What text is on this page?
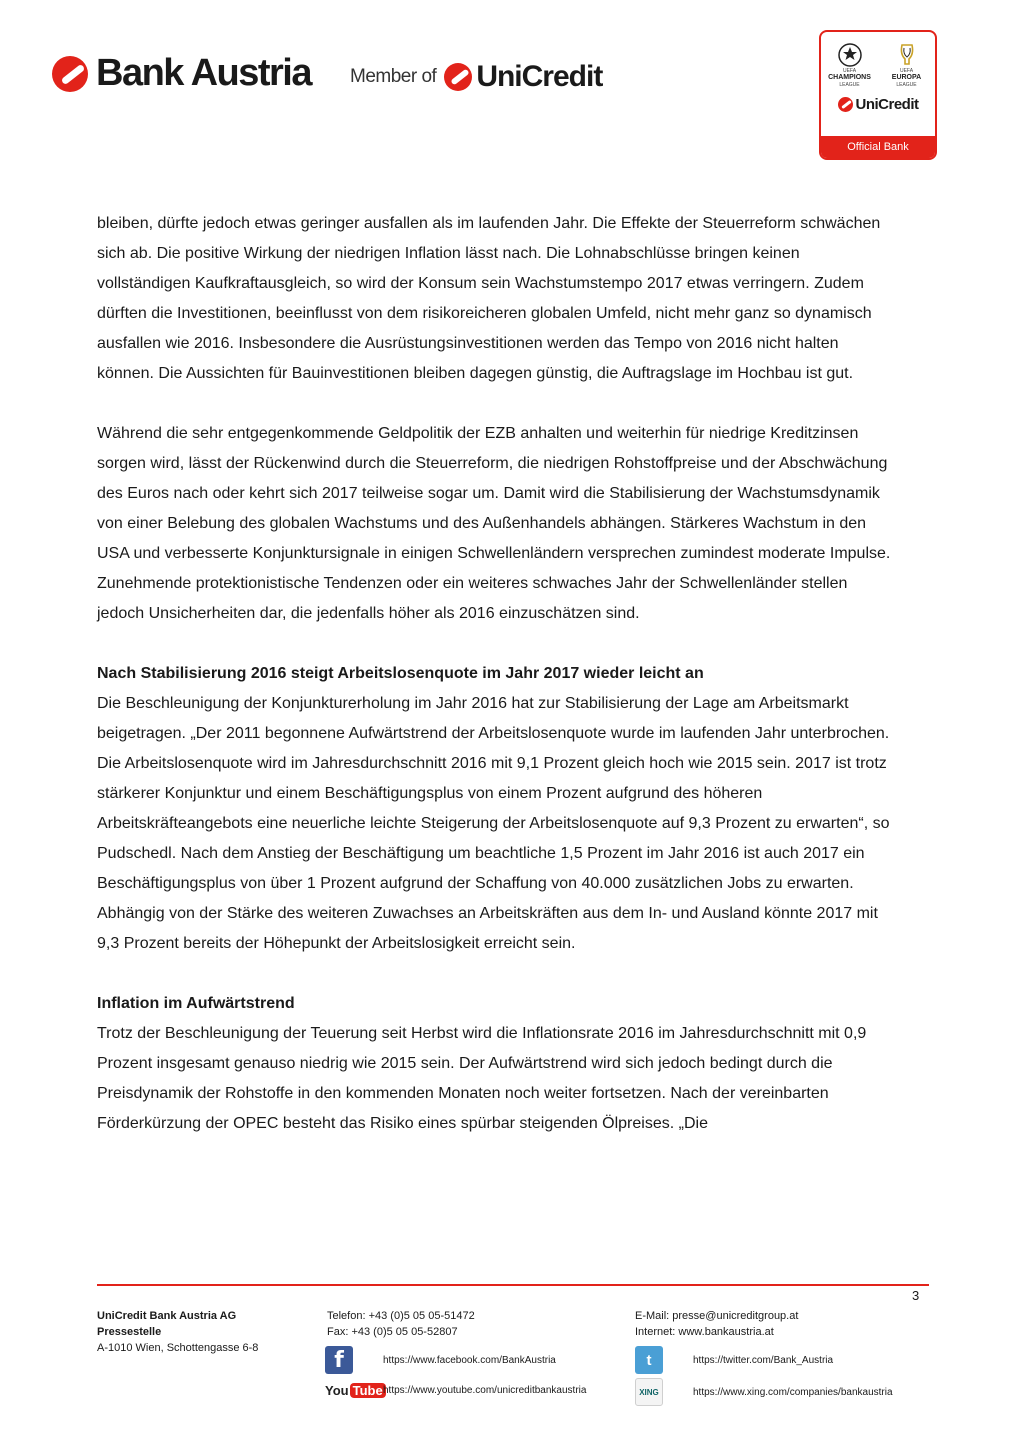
Bank Austria Member of UniCredit	UEFA
CHAMPIONS
LEAGUE
UEFA
EUROPA
LEAGUE
UniCredit
Official Bank

bleiben, dürfte jedoch etwas geringer ausfallen als im laufenden Jahr. Die Effekte der Steuerreform schwächen sich ab. Die positive Wirkung der niedrigen Inflation lässt nach. Die Lohnabschlüsse bringen keinen vollständigen Kaufkraftausgleich, so wird der Konsum sein Wachstumstempo 2017 etwas verringern. Zudem dürften die Investitionen, beeinflusst von dem risikoreicheren globalen Umfeld, nicht mehr ganz so dynamisch ausfallen wie 2016. Insbesondere die Ausrüstungsinvestitionen werden das Tempo von 2016 nicht halten können. Die Aussichten für Bauinvestitionen bleiben dagegen günstig, die Auftragslage im Hochbau ist gut.

Während die sehr entgegenkommende Geldpolitik der EZB anhalten und weiterhin für niedrige Kreditzinsen sorgen wird, lässt der Rückenwind durch die Steuerreform, die niedrigen Rohstoffpreise und der Abschwächung des Euros nach oder kehrt sich 2017 teilweise sogar um. Damit wird die Stabilisierung der Wachstumsdynamik von einer Belebung des globalen Wachstums und des Außenhandels abhängen. Stärkeres Wachstum in den USA und verbesserte Konjunktursignale in einigen Schwellenländern versprechen zumindest moderate Impulse. Zunehmende protektionistische Tendenzen oder ein weiteres schwaches Jahr der Schwellenländer stellen jedoch Unsicherheiten dar, die jedenfalls höher als 2016 einzuschätzen sind.

Nach Stabilisierung 2016 steigt Arbeitslosenquote im Jahr 2017 wieder leicht an

Die Beschleunigung der Konjunkturerholung im Jahr 2016 hat zur Stabilisierung der Lage am Arbeitsmarkt beigetragen. „Der 2011 begonnene Aufwärtstrend der Arbeitslosenquote wurde im laufenden Jahr unterbrochen. Die Arbeitslosenquote wird im Jahresdurchschnitt 2016 mit 9,1 Prozent gleich hoch wie 2015 sein. 2017 ist trotz stärkerer Konjunktur und einem Beschäftigungsplus von einem Prozent aufgrund des höheren Arbeitskräfteangebots eine neuerliche leichte Steigerung der Arbeitslosenquote auf 9,3 Prozent zu erwarten“, so Pudschedl. Nach dem Anstieg der Beschäftigung um beachtliche 1,5 Prozent im Jahr 2016 ist auch 2017 ein Beschäftigungsplus von über 1 Prozent aufgrund der Schaffung von 40.000 zusätzlichen Jobs zu erwarten. Abhängig von der Stärke des weiteren Zuwachses an Arbeitskräften aus dem In- und Ausland könnte 2017 mit 9,3 Prozent bereits der Höhepunkt der Arbeitslosigkeit erreicht sein.

Inflation im Aufwärtstrend

Trotz der Beschleunigung der Teuerung seit Herbst wird die Inflationsrate 2016 im Jahresdurchschnitt mit 0,9 Prozent insgesamt genauso niedrig wie 2015 sein. Der Aufwärtstrend wird sich jedoch bedingt durch die Preisdynamik der Rohstoffe in den kommenden Monaten noch weiter fortsetzen. Nach der vereinbarten Förderkürzung der OPEC besteht das Risiko eines spürbar steigenden Ölpreises. „Die

3
UniCredit Bank Austria AG
Pressestelle
A-1010 Wien, Schottengasse 6-8
Telefon: +43 (0)5 05 05-51472
Fax: +43 (0)5 05 05-52807
E-Mail: presse@unicreditgroup.at
Internet: www.bankaustria.at
f	https://www.facebook.com/BankAustria	t	https://twitter.com/Bank_Austria
You Tube https://www.youtube.com/unicreditbankaustria	XING	https://www.xing.com/companies/bankaustria
